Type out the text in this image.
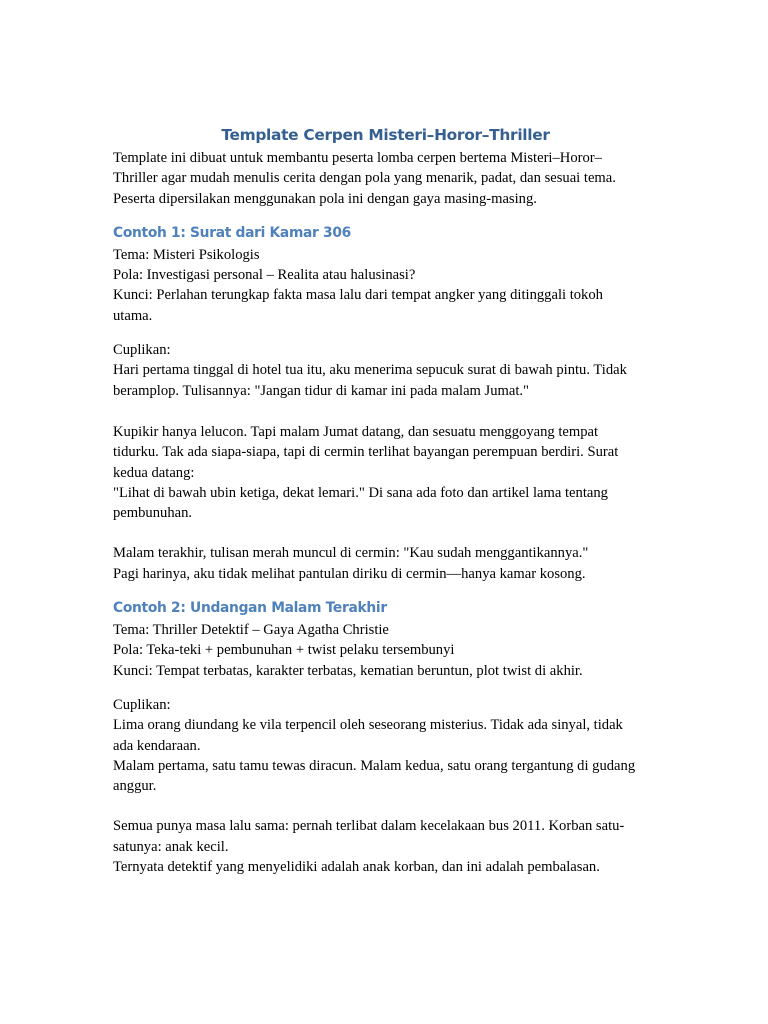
Template Cerpen Misteri–Horor–Thriller

Template ini dibuat untuk membantu peserta lomba cerpen bertema Misteri–Horor–
Thriller agar mudah menulis cerita dengan pola yang menarik, padat, dan sesuai tema.
Peserta dipersilakan menggunakan pola ini dengan gaya masing-masing.

Contoh 1: Surat dari Kamar 306

Tema: Misteri Psikologis
Pola: Investigasi personal – Realita atau halusinasi?
Kunci: Perlahan terungkap fakta masa lalu dari tempat angker yang ditinggali tokoh
utama.

Cuplikan:
Hari pertama tinggal di hotel tua itu, aku menerima sepucuk surat di bawah pintu. Tidak
beramplop. Tulisannya: "Jangan tidur di kamar ini pada malam Jumat."

Kupikir hanya lelucon. Tapi malam Jumat datang, dan sesuatu menggoyang tempat
tidurku. Tak ada siapa-siapa, tapi di cermin terlihat bayangan perempuan berdiri. Surat
kedua datang:
"Lihat di bawah ubin ketiga, dekat lemari." Di sana ada foto dan artikel lama tentang
pembunuhan.

Malam terakhir, tulisan merah muncul di cermin: "Kau sudah menggantikannya."
Pagi harinya, aku tidak melihat pantulan diriku di cermin—hanya kamar kosong.

Contoh 2: Undangan Malam Terakhir

Tema: Thriller Detektif – Gaya Agatha Christie
Pola: Teka-teki + pembunuhan + twist pelaku tersembunyi
Kunci: Tempat terbatas, karakter terbatas, kematian beruntun, plot twist di akhir.

Cuplikan:
Lima orang diundang ke vila terpencil oleh seseorang misterius. Tidak ada sinyal, tidak
ada kendaraan.
Malam pertama, satu tamu tewas diracun. Malam kedua, satu orang tergantung di gudang
anggur.

Semua punya masa lalu sama: pernah terlibat dalam kecelakaan bus 2011. Korban satu-
satunya: anak kecil.
Ternyata detektif yang menyelidiki adalah anak korban, dan ini adalah pembalasan.
